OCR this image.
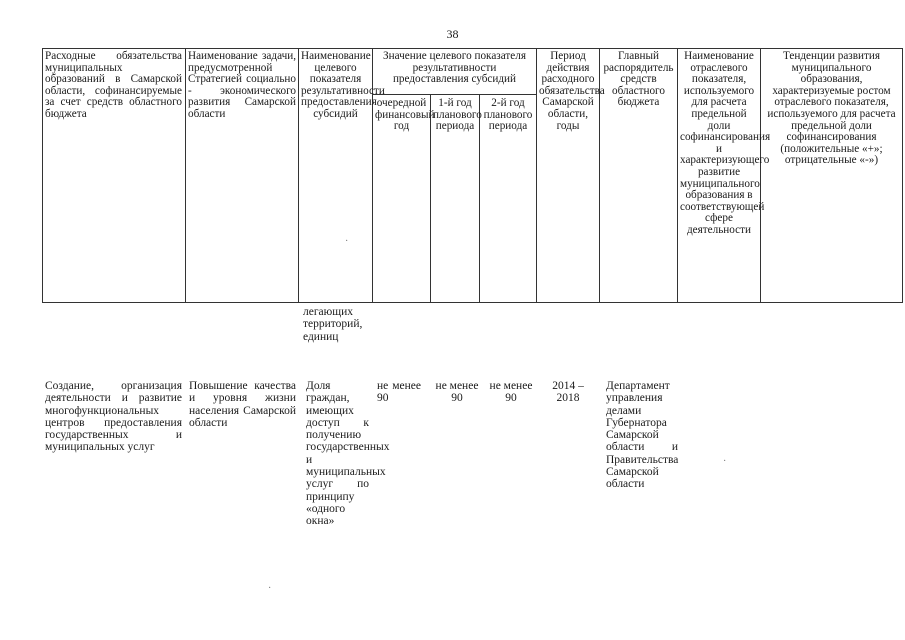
38
Расходные обязательства муниципальных образований в Самарской области, софинансируемые за счет средств областного бюджета
Наименование задачи, предусмотренной Стратегией социально - экономического развития Самарской области
Наименование целевого показателя результативности предоставления субсидий
Значение целевого показателя результативности предоставления субсидий
очередной финансовый год
1-й год планового периода
2-й год планового периода
Период действия расходного обязательства Самарской области, годы
Главный распорядитель средств областного бюджета
Наименование отраслевого показателя, используемого для расчета предельной доли софинансирования и характеризующего развитие муниципального образования в соответствующей сфере деятельности
Тенденции развития муниципального образования, характеризуемые ростом отраслевого показателя, используемого для расчета предельной доли софинансирования (положительные «+»; отрицательные «-»)
легающих территорий, единиц
Создание, организация деятельности и развитие многофункциональных центров предоставления государственных и муниципальных услуг
Повышение качества и уровня жизни населения Самарской области
Доля граждан, имеющих доступ к получению государственных и муниципальных услуг по принципу «одного окна»
не менее 90
не менее 90
не менее 90
2014 – 2018
Департамент управления делами Губернатора Самарской области и Правительства Самарской области
·
·
·
